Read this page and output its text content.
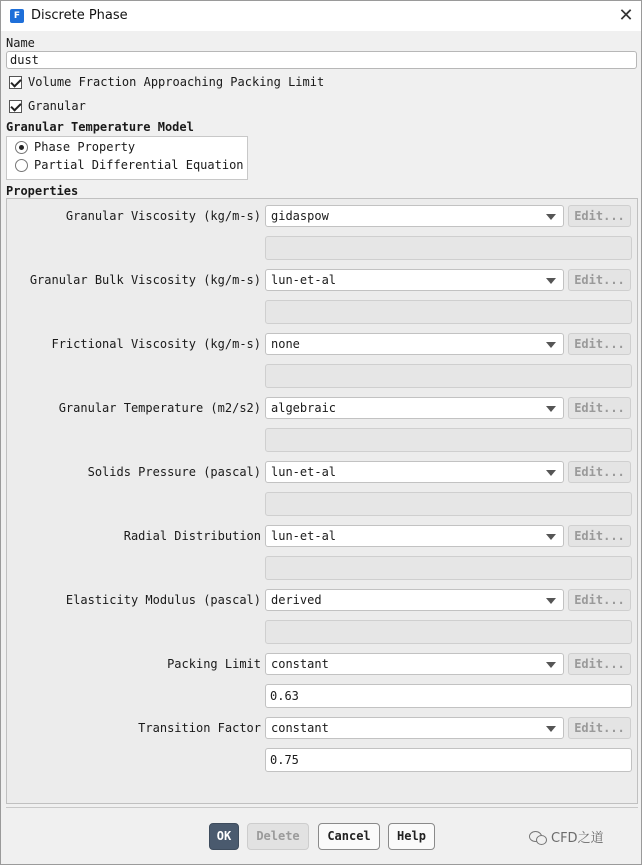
F Discrete Phase	✕
Name
dust
Volume Fraction Approaching Packing Limit
Granular
Granular Temperature Model
Phase Property
Partial Differential Equation
Properties
Granular Viscosity (kg/m-s) gidaspow	Edit...
Granular Bulk Viscosity (kg/m-s) lun-et-al	Edit...
Frictional Viscosity (kg/m-s) none	Edit...
Granular Temperature (m2/s2) algebraic	Edit...
Solids Pressure (pascal) lun-et-al	Edit...
Radial Distribution lun-et-al	Edit...
Elasticity Modulus (pascal) derived	Edit...
Packing Limit constant	Edit...
0.63
Transition Factor constant	Edit...
0.75
OK	Delete	Cancel	Help	CFD之道
